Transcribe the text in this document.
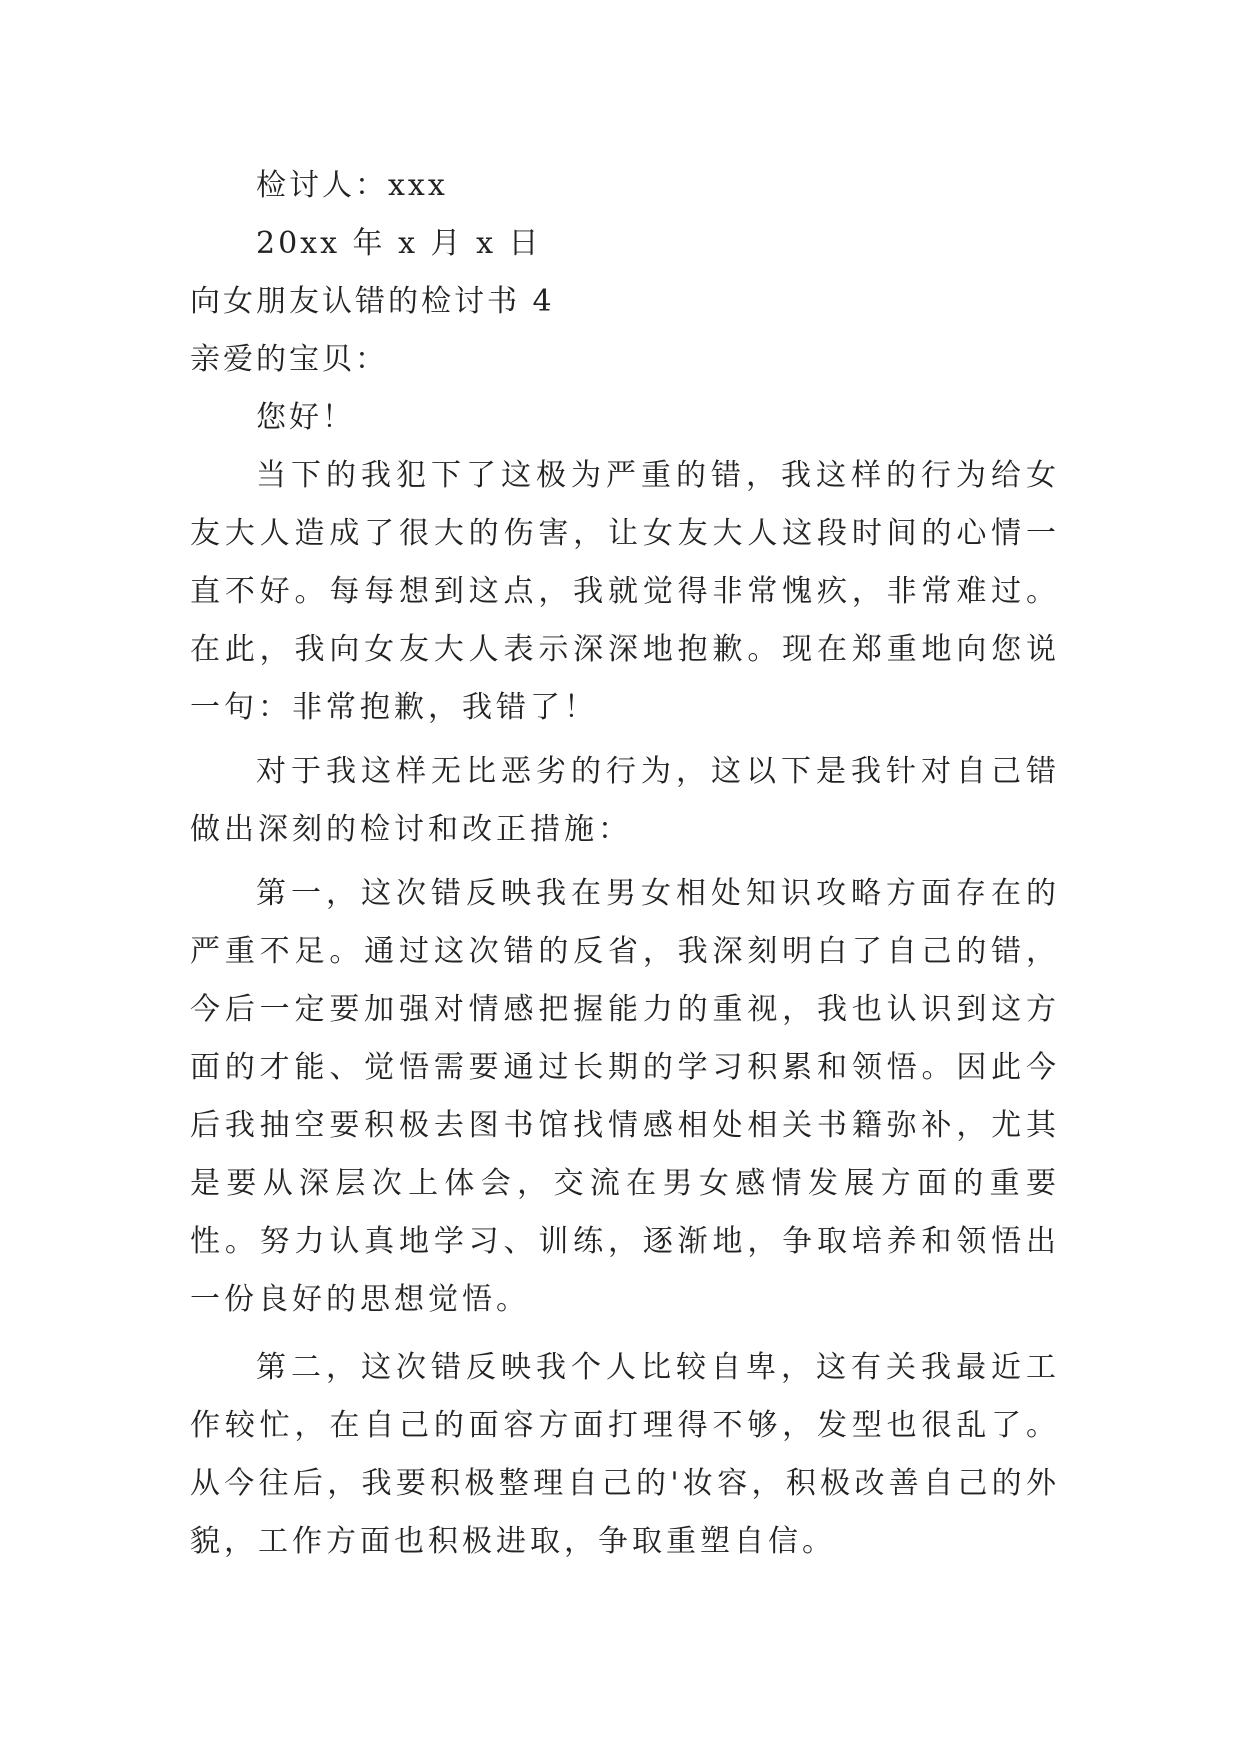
检讨人：xxx
20xx 年 x 月 x 日
向女朋友认错的检讨书 4
亲爱的宝贝：
您好！

当下的我犯下了这极为严重的错，我这样的行为给女友大人造成了很大的伤害，让女友大人这段时间的心情一直不好。每每想到这点，我就觉得非常愧疚，非常难过。在此，我向女友大人表示深深地抱歉。现在郑重地向您说一句：非常抱歉，我错了！

对于我这样无比恶劣的行为，这以下是我针对自己错做出深刻的检讨和改正措施：

第一，这次错反映我在男女相处知识攻略方面存在的严重不足。通过这次错的反省，我深刻明白了自己的错，今后一定要加强对情感把握能力的重视，我也认识到这方面的才能、觉悟需要通过长期的学习积累和领悟。因此今后我抽空要积极去图书馆找情感相处相关书籍弥补，尤其是要从深层次上体会，交流在男女感情发展方面的重要性。努力认真地学习、训练，逐渐地，争取培养和领悟出一份良好的思想觉悟。

第二，这次错反映我个人比较自卑，这有关我最近工作较忙，在自己的面容方面打理得不够，发型也很乱了。从今往后，我要积极整理自己的'妆容，积极改善自己的外貌，工作方面也积极进取，争取重塑自信。
